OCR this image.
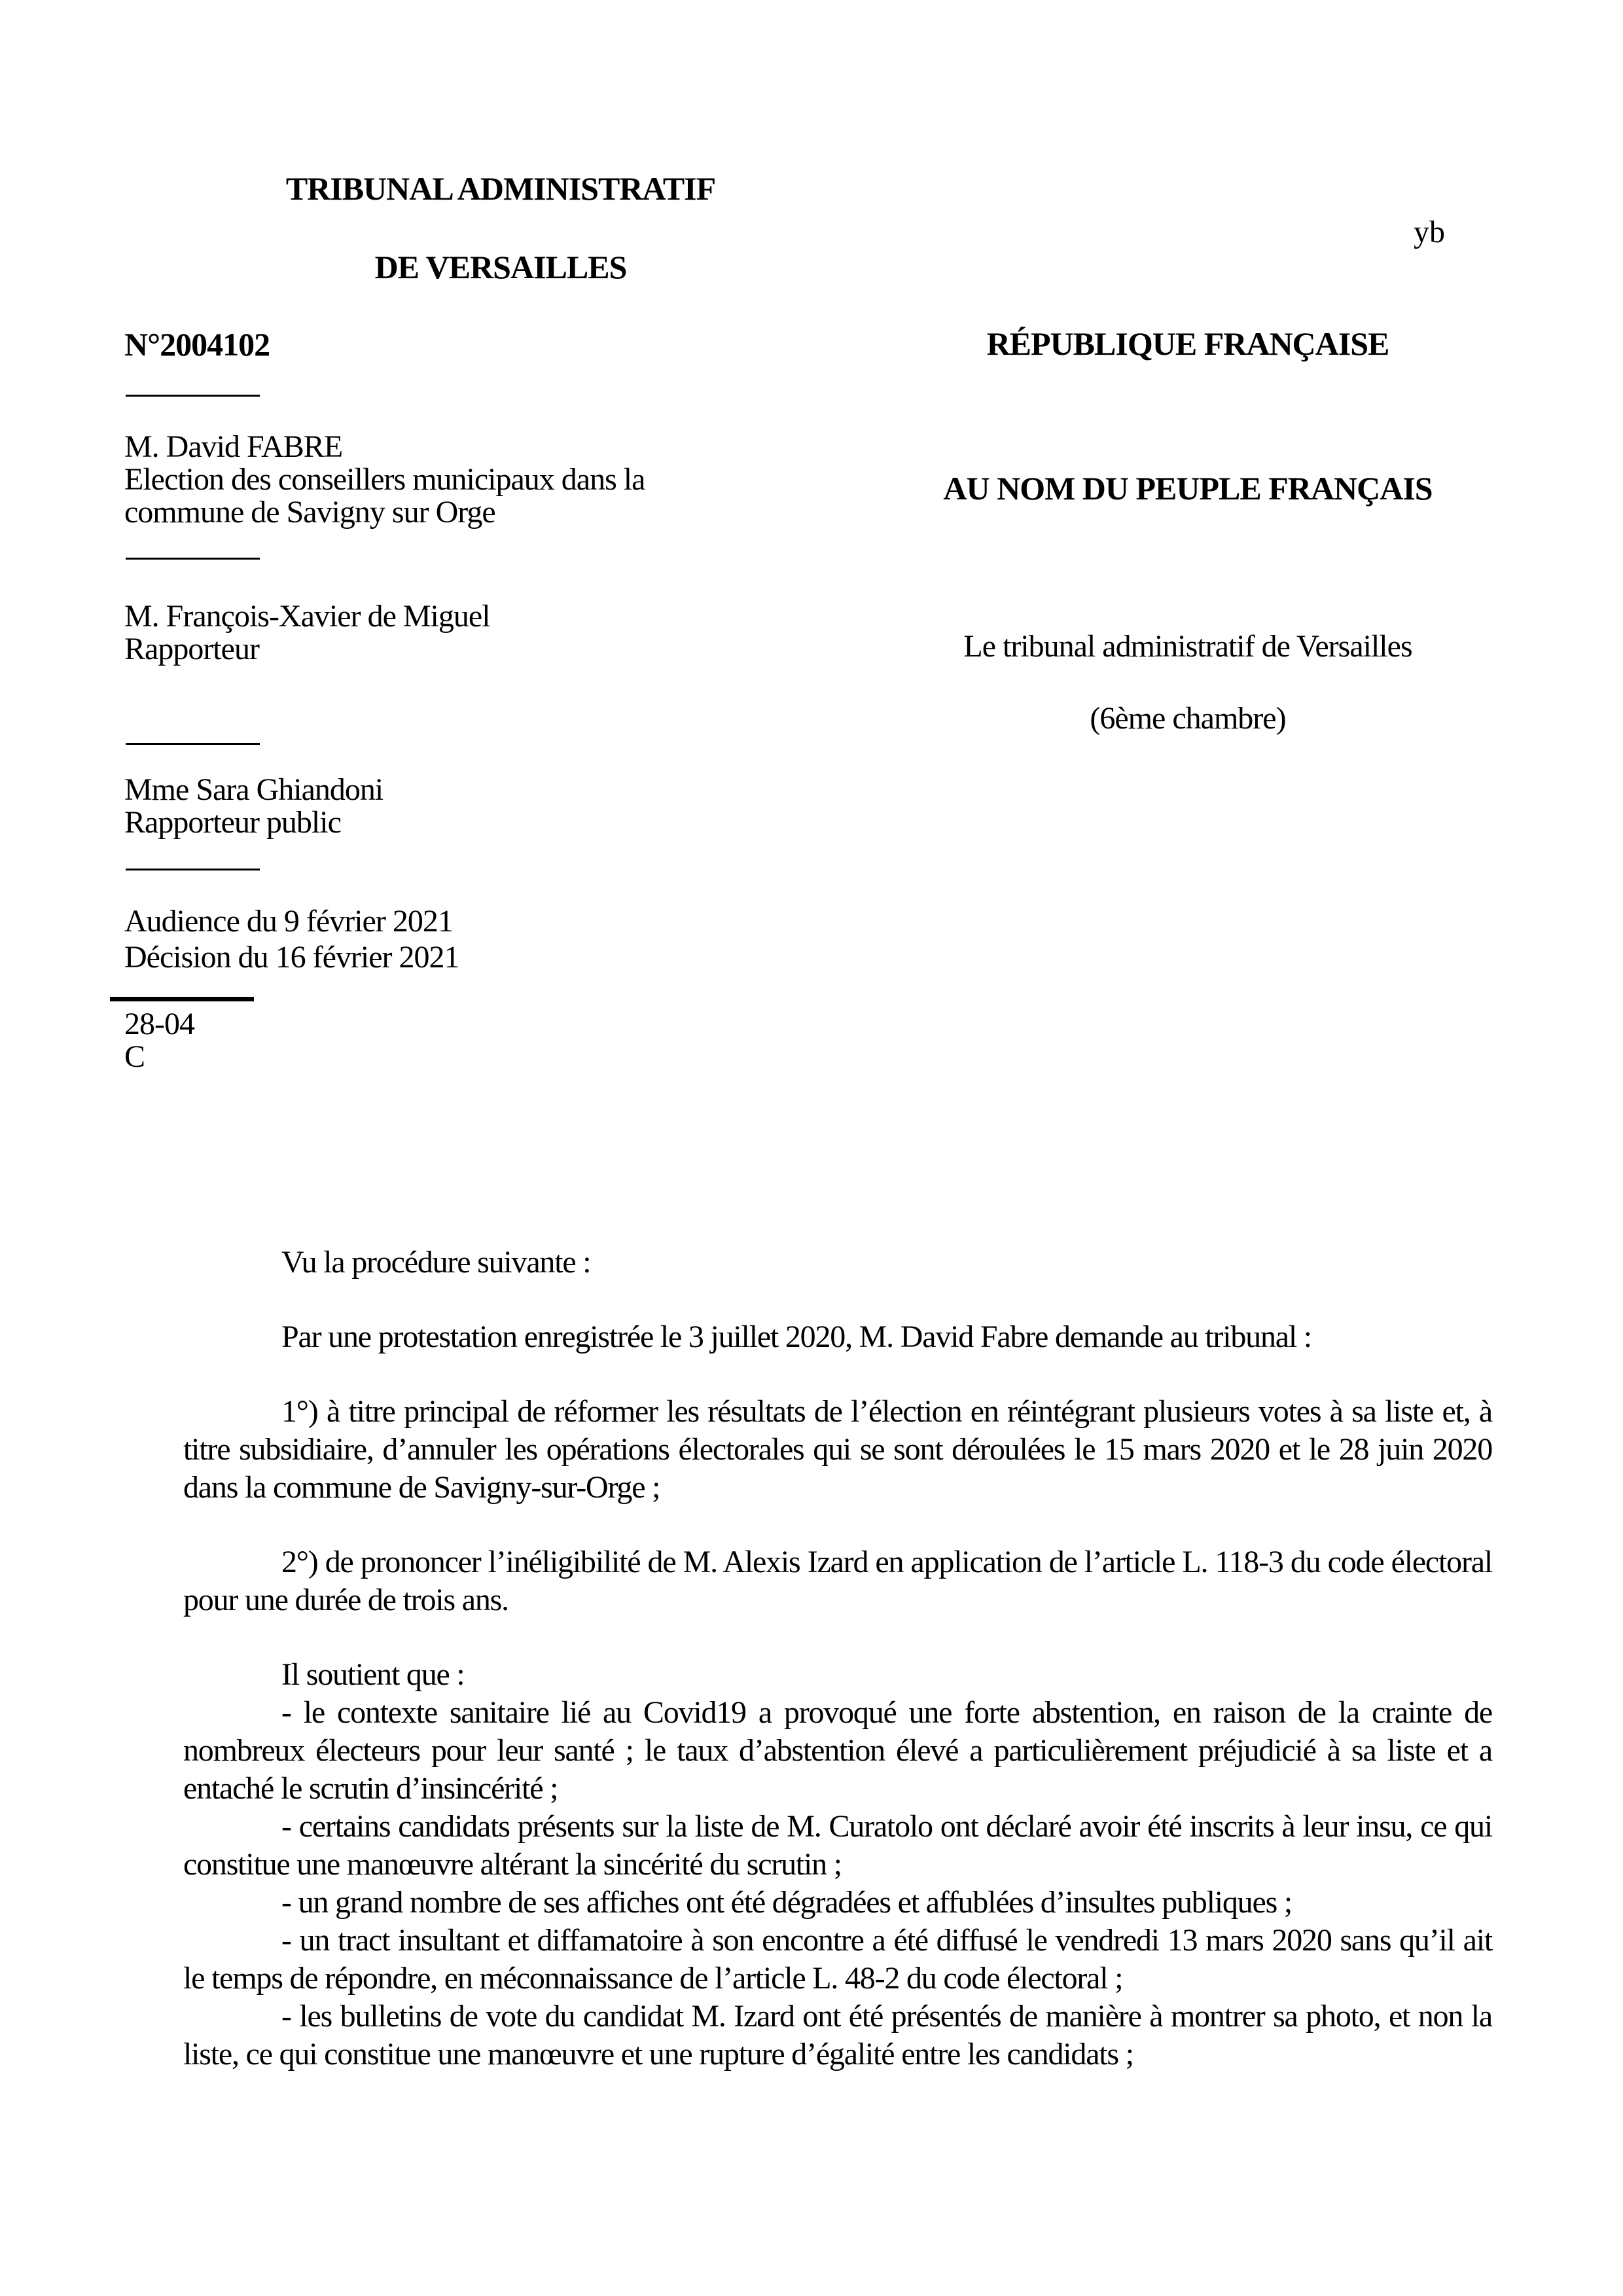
TRIBUNAL ADMINISTRATIF

DE VERSAILLES
yb
N°2004102
M. David FABRE
Election des conseillers municipaux dans la commune de Savigny sur Orge
M. François-Xavier de Miguel
Rapporteur
Mme Sara Ghiandoni
Rapporteur public
Audience du 9 février 2021
Décision du 16 février 2021
28-04
C
RÉPUBLIQUE FRANÇAISE
AU NOM DU PEUPLE FRANÇAIS
Le tribunal administratif de Versailles
(6ème chambre)

Vu la procédure suivante :

Par une protestation enregistrée le 3 juillet 2020, M. David Fabre demande au tribunal :

1°) à titre principal de réformer les résultats de l’élection en réintégrant plusieurs votes à sa liste et, à titre subsidiaire, d’annuler les opérations électorales qui se sont déroulées le 15 mars 2020 et le 28 juin 2020 dans la commune de Savigny-sur-Orge ;

2°) de prononcer l’inéligibilité de M. Alexis Izard en application de l’article L. 118-3 du code électoral pour une durée de trois ans.

Il soutient que :

- le contexte sanitaire lié au Covid19 a provoqué une forte abstention, en raison de la crainte de nombreux électeurs pour leur santé ; le taux d’abstention élevé a particulièrement préjudicié à sa liste et a entaché le scrutin d’insincérité ;

- certains candidats présents sur la liste de M. Curatolo ont déclaré avoir été inscrits à leur insu, ce qui constitue une manœuvre altérant la sincérité du scrutin ;

- un grand nombre de ses affiches ont été dégradées et affublées d’insultes publiques ;

- un tract insultant et diffamatoire à son encontre a été diffusé le vendredi 13 mars 2020 sans qu’il ait le temps de répondre, en méconnaissance de l’article L. 48-2 du code électoral ;

- les bulletins de vote du candidat M. Izard ont été présentés de manière à montrer sa photo, et non la liste, ce qui constitue une manœuvre et une rupture d’égalité entre les candidats ;
